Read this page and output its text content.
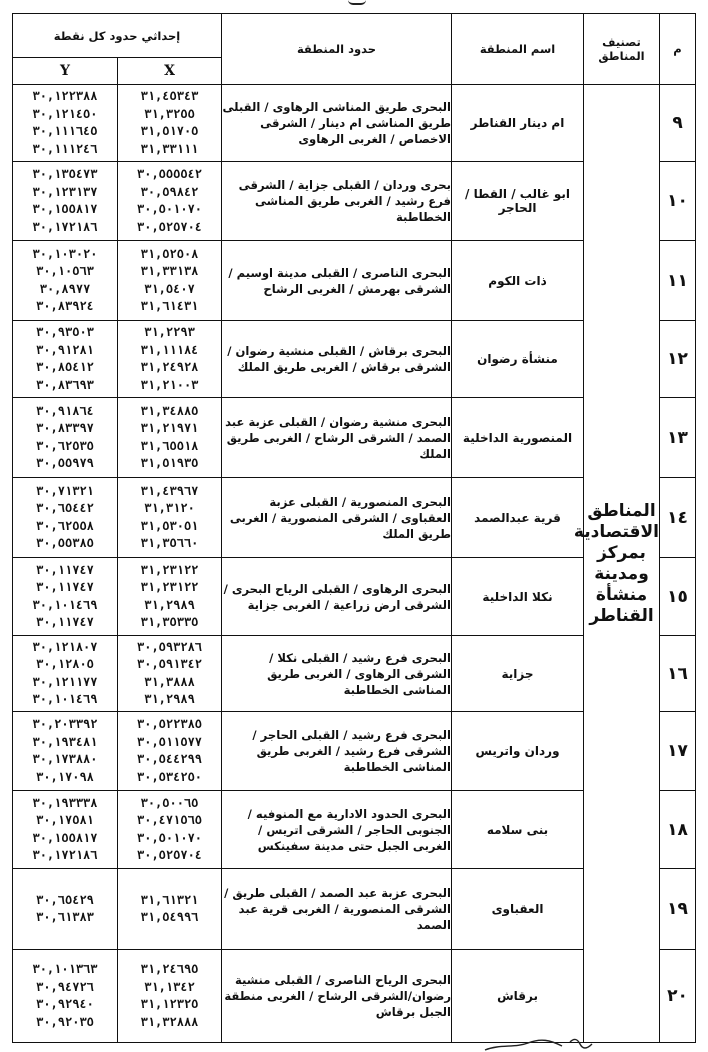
م	تصنيف المناطق	اسم المنطقة	حدود المنطقة	إحداثي حدود كل نقطة	
				X	Y
٩	المناطق الاقتصادية بمركز ومدينة منشأة القناطر	ام دينار القناطر	البحرى طريق المناشى الرهاوى / القبلى طريق المناشى ام دينار / الشرقى الاخصاص / الغربى الرهاوى	٣١,٤٥٣٤٣
٣١,٣٢٥٥
٣١,٥١٧٠٥
٣١,٣٣١١١	٣٠,١٢٢٣٨٨
٣٠,١٢١٤٥٠
٣٠,١١١٦٤٥
٣٠,١١١٢٤٦

١٠		ابو غالب / القطا / الحاجر	بحرى وردان / القبلى جزاية / الشرقى فرع رشيد / الغربى طريق المناشى الخطاطبة	٣٠,٥٥٥٥٤٢
٣٠,٥٩٨٤٢
٣٠,٥٠١٠٧٠
٣٠,٥٢٥٧٠٤	٣٠,١٣٥٤٧٣
٣٠,١٢٣١٣٧
٣٠,١٥٥٨١٧
٣٠,١٧٢١٨٦

١١		ذات الكوم	البحرى الناصرى / القبلى مدينة اوسيم / الشرقى بهرمش / الغربى الرشاح	٣١,٥٢٥٠٨
٣١,٣٣١٣٨
٣١,٥٤٠٧
٣١,٦١٤٣١	٣٠,١٠٣٠٢٠
٣٠,١٠٥٦٣
٣٠,٨٩٧٧
٣٠,٨٣٩٢٤

١٢		منشأة رضوان	البحرى برقاش / القبلى منشية رضوان / الشرقى برقاش / الغربى طريق الملك	٣١,٢٢٩٣
٣١,١١١٨٤
٣١,٢٤٩٢٨
٣١,٢١٠٠٣	٣٠,٩٣٥٠٣
٣٠,٩١٢٨١
٣٠,٨٥٤١٢
٣٠,٨٣٦٩٣

١٣		المنصورية الداخلية	البحرى منشية رضوان / القبلى عزبة عبد الصمد / الشرقى الرشاح / الغربى طريق الملك	٣١,٣٤٨٨٥
٣١,٢١٩٧١
٣١,٦٥٥١٨
٣١,٥١٩٣٥	٣٠,٩١٨٦٤
٣٠,٨٣٣٩٧
٣٠,٦٢٥٣٥
٣٠,٥٥٩٧٩

١٤		قرية عبدالصمد	البحرى المنصورية / القبلى عزبة العقباوى / الشرقى المنصورية / الغربى طريق الملك	٣١,٤٣٩٦٧
٣١,٣١٢٠
٣١,٥٣٠٥١
٣١,٣٥٦٦٠	٣٠,٧١٣٢١
٣٠,٦٥٤٤٢
٣٠,٦٢٥٥٨
٣٠,٥٥٣٨٥

١٥		نكلا الداخلية	البحرى الرهاوى / القبلى الرياح البحرى / الشرقى ارض زراعية / الغربى جزاية	٣١,٢٣١٢٢
٣١,٢٣١٢٢
٣١,٢٩٨٩
٣١,٣٥٣٣٥	٣٠,١١٧٤٧
٣٠,١١٧٤٧
٣٠,١٠١٤٦٩
٣٠,١١٧٤٧

١٦		جزاية	البحرى فرع رشيد / القبلى نكلا / الشرقى الرهاوى / الغربى طريق المناشى الخطاطبة	٣٠,٥٩٣٢٨٦
٣٠,٥٩١٣٤٢
٣١,٣٨٨٨
٣١,٢٩٨٩	٣٠,١٢١٨٠٧
٣٠,١٢٨٠٥
٣٠,١٢١١٧٧
٣٠,١٠١٤٦٩

١٧		وردان واتريس	البحرى فرع رشيد / القبلى الحاجر / الشرقى فرع رشيد / الغربى طريق المناشى الخطاطبة	٣٠,٥٢٢٣٨٥
٣٠,٥١١٥٧٧
٣٠,٥٤٤٢٩٩
٣٠,٥٣٤٢٥٠	٣٠,٢٠٣٣٩٢
٣٠,١٩٣٤٨١
٣٠,١٧٣٨٨٠
٣٠,١٧٠٩٨

١٨		بنى سلامه	البحرى الحدود الادارية مع المنوفيه / الجنوبى الحاجر / الشرقى اتريس / الغربى الجبل حتى مدينة سفينكس	٣٠,٥٠٠٦٥
٣٠,٤٧١٥٦٥
٣٠,٥٠١٠٧٠
٣٠,٥٢٥٧٠٤	٣٠,١٩٣٣٣٨
٣٠,١٧٥٨١
٣٠,١٥٥٨١٧
٣٠,١٧٢١٨٦

١٩		العقباوى	البحرى عزبة عبد الصمد / القبلى طريق /الشرقى المنصورية / الغربى قرية عبد الصمد	٣١,٦١٣٢١
٣١,٥٤٩٩٦	٣٠,٦٥٤٢٩
٣٠,٦١٣٨٣

٢٠		برقاش	البحرى الرياح الناصرى / القبلى منشية رضوان/الشرقى الرشاح / الغربى منطقة الجبل برقاش	٣١,٢٤٦٩٥
٣١,١٣٤٢
٣١,١٢٣٢٥
٣١,٣٢٨٨٨	٣٠,١٠١٣٦٣
٣٠,٩٤٧٢٦
٣٠,٩٢٩٤٠
٣٠,٩٢٠٣٥
